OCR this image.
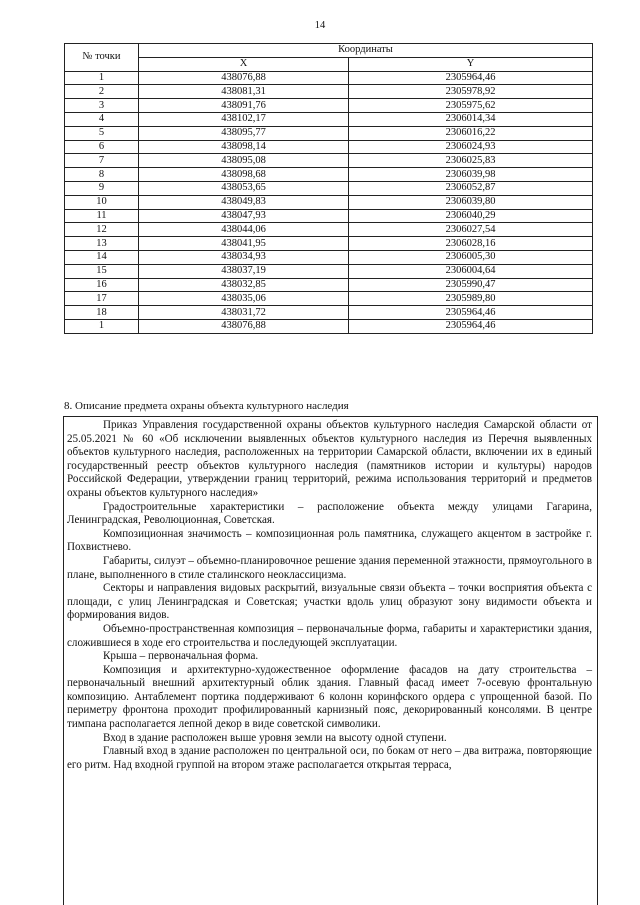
14
№ точки	Координаты	
	X	Y
1	438076,88	2305964,46
2	438081,31	2305978,92
3	438091,76	2305975,62
4	438102,17	2306014,34
5	438095,77	2306016,22
6	438098,14	2306024,93
7	438095,08	2306025,83
8	438098,68	2306039,98
9	438053,65	2306052,87
10	438049,83	2306039,80
11	438047,93	2306040,29
12	438044,06	2306027,54
13	438041,95	2306028,16
14	438034,93	2306005,30
15	438037,19	2306004,64
16	438032,85	2305990,47
17	438035,06	2305989,80
18	438031,72	2305964,46
1	438076,88	2305964,46
8. Описание предмета охраны объекта культурного наследия

Приказ Управления государственной охраны объектов культурного наследия Самарской области от 25.05.2021 № 60 «Об исключении выявленных объектов культурного наследия из Перечня выявленных объектов культурного наследия, расположенных на территории Самарской области, включении их в единый государственный реестр объектов культурного наследия (памятников истории и культуры) народов Российской Федерации, утверждении границ территорий, режима использования территорий и предметов охраны объектов культурного наследия»

Градостроительные характеристики – расположение объекта между улицами Гагарина, Ленинградская, Революционная, Советская.

Композиционная значимость – композиционная роль памятника, служащего акцентом в застройке г. Похвистнево.

Габариты, силуэт – объемно-планировочное решение здания переменной этажности, прямоугольного в плане, выполненного в стиле сталинского неоклассицизма.

Секторы и направления видовых раскрытий, визуальные связи объекта – точки восприятия объекта с площади, с улиц Ленинградская и Советская; участки вдоль улиц образуют зону видимости объекта и формирования видов.

Объемно-пространственная композиция – первоначальные форма, габариты и характеристики здания, сложившиеся в ходе его строительства и последующей эксплуатации.

Крыша – первоначальная форма.

Композиция и архитектурно-художественное оформление фасадов на дату строительства – первоначальный внешний архитектурный облик здания. Главный фасад имеет 7-осевую фронтальную композицию. Антаблемент портика поддерживают 6 колонн коринфского ордера с упрощенной базой. По периметру фронтона проходит профилированный карнизный пояс, декорированный консолями. В центре тимпана располагается лепной декор в виде советской символики.

Вход в здание расположен выше уровня земли на высоту одной ступени.

Главный вход в здание расположен по центральной оси, по бокам от него – два витража, повторяющие его ритм. Над входной группой на втором этаже располагается открытая терраса,
